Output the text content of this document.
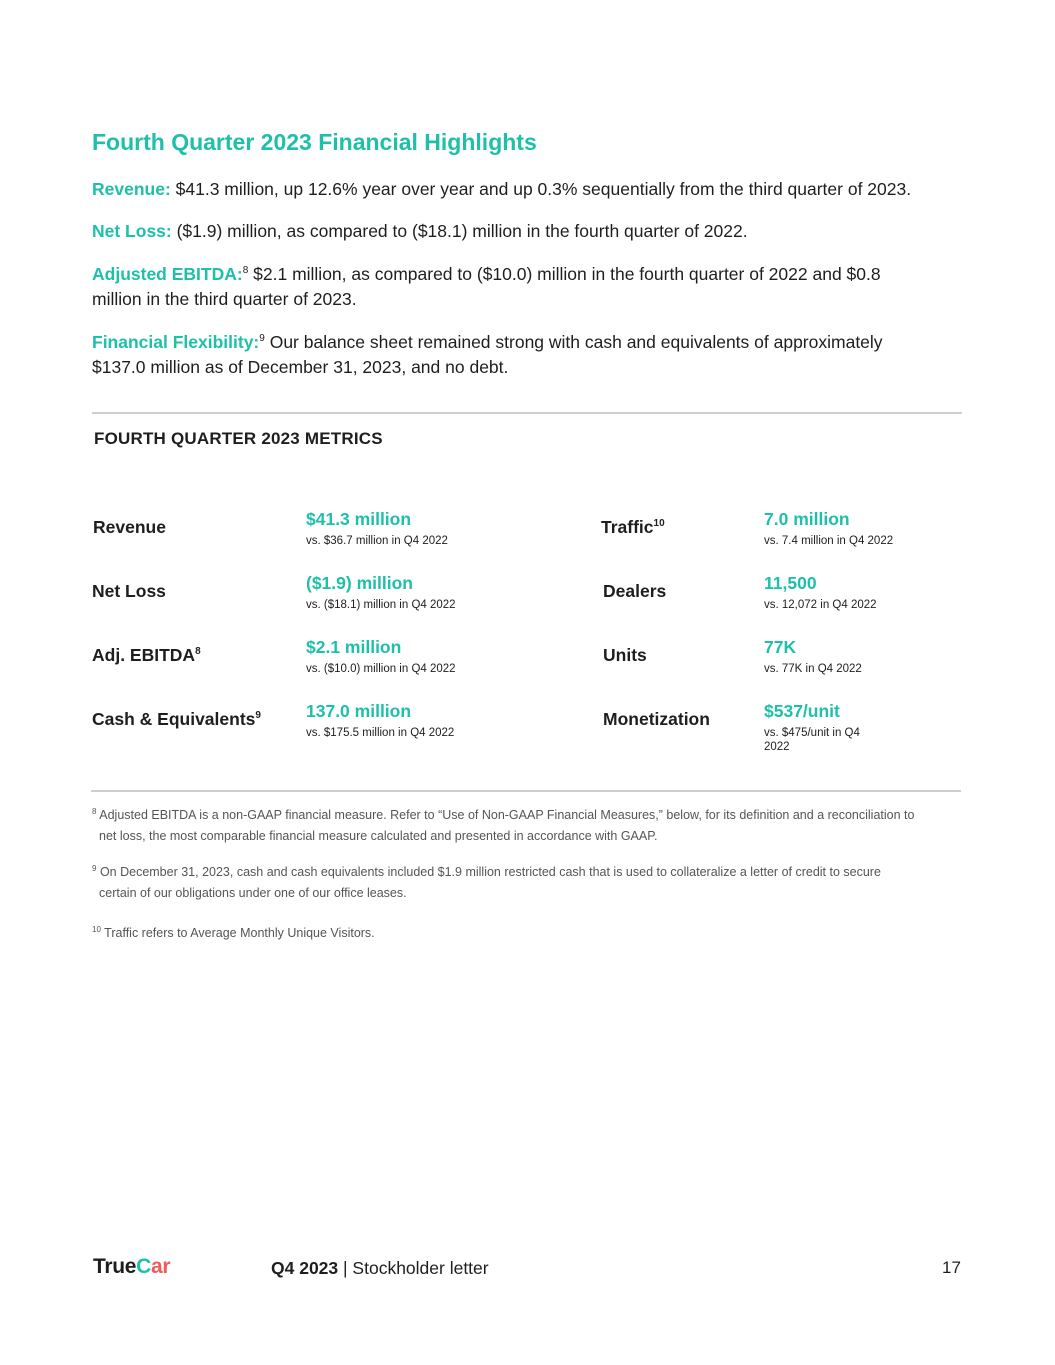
Fourth Quarter 2023 Financial Highlights
Revenue: $41.3 million, up 12.6% year over year and up 0.3% sequentially from the third quarter of 2023.
Net Loss: ($1.9) million, as compared to ($18.1) million in the fourth quarter of 2022.
Adjusted EBITDA:$^8$ $2.1 million, as compared to ($10.0) million in the fourth quarter of 2022 and $0.8 million in the third quarter of 2023.
Financial Flexibility:$^9$ Our balance sheet remained strong with cash and equivalents of approximately $137.0 million as of December 31, 2023, and no debt.
FOURTH QUARTER 2023 METRICS
Revenue
Net Loss
Adj. EBITDA$^8$
Cash & Equivalents$^9$
$41.3 million
vs. $36.7 million in Q4 2022
($1.9) million
vs. ($18.1) million in Q4 2022
$2.1 million
vs. ($10.0) million in Q4 2022
137.0 million
vs. $175.5 million in Q4 2022
Traffic$^{10}$
Dealers
Units
Monetization
7.0 million
vs. 7.4 million in Q4 2022
11,500
vs. 12,072 in Q4 2022
77K
vs. 77K in Q4 2022
$537/unit
vs. $475/unit in Q4 2022
$^8$ Adjusted EBITDA is a non-GAAP financial measure. Refer to “Use of Non-GAAP Financial Measures,” below, for its definition and a reconciliation to
net loss, the most comparable financial measure calculated and presented in accordance with GAAP.
$^9$ On December 31, 2023, cash and cash equivalents included $1.9 million restricted cash that is used to collateralize a letter of credit to secure
certain of our obligations under one of our office leases.
$^{10}$ Traffic refers to Average Monthly Unique Visitors.
TrueCar	Q4 2023 | Stockholder letter	17
